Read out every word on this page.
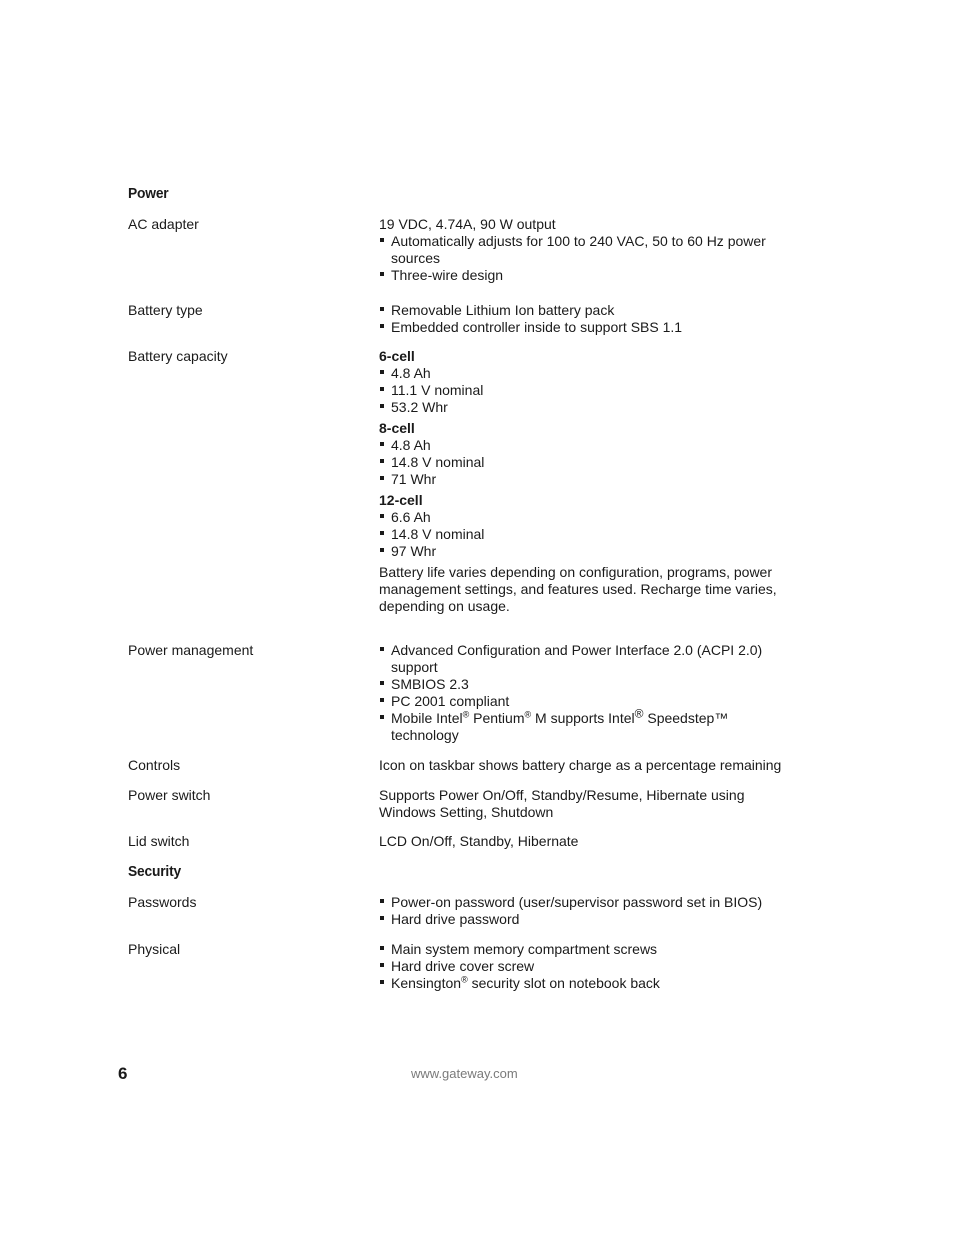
Power
AC adapter	19 VDC, 4.74A, 90 W output

Automatically adjusts for 100 to 240 VAC, 50 to 60 Hz power sources
Three-wire design
Battery type	Removable Lithium Ion battery pack
Embedded controller inside to support SBS 1.1
Battery capacity	6-cell

4.8 Ah
11.1 V nominal
53.2 Whr

8-cell

4.8 Ah
14.8 V nominal
71 Whr

12-cell

6.6 Ah
14.8 V nominal
97 Whr

Battery life varies depending on configuration, programs, power management settings, and features used. Recharge time varies, depending on usage.

Power management	Advanced Configuration and Power Interface 2.0 (ACPI 2.0) support
SMBIOS 2.3
PC 2001 compliant
Mobile Intel® Pentium® M supports Intel® Speedstep™ technology
Controls	Icon on taskbar shows battery charge as a percentage remaining
Power switch	Supports Power On/Off, Standby/Resume, Hibernate using Windows Setting, Shutdown
Lid switch	LCD On/Off, Standby, Hibernate
Security
Passwords	Power-on password (user/supervisor password set in BIOS)
Hard drive password
Physical	Main system memory compartment screws
Hard drive cover screw
Kensington® security slot on notebook back
6	www.gateway.com
